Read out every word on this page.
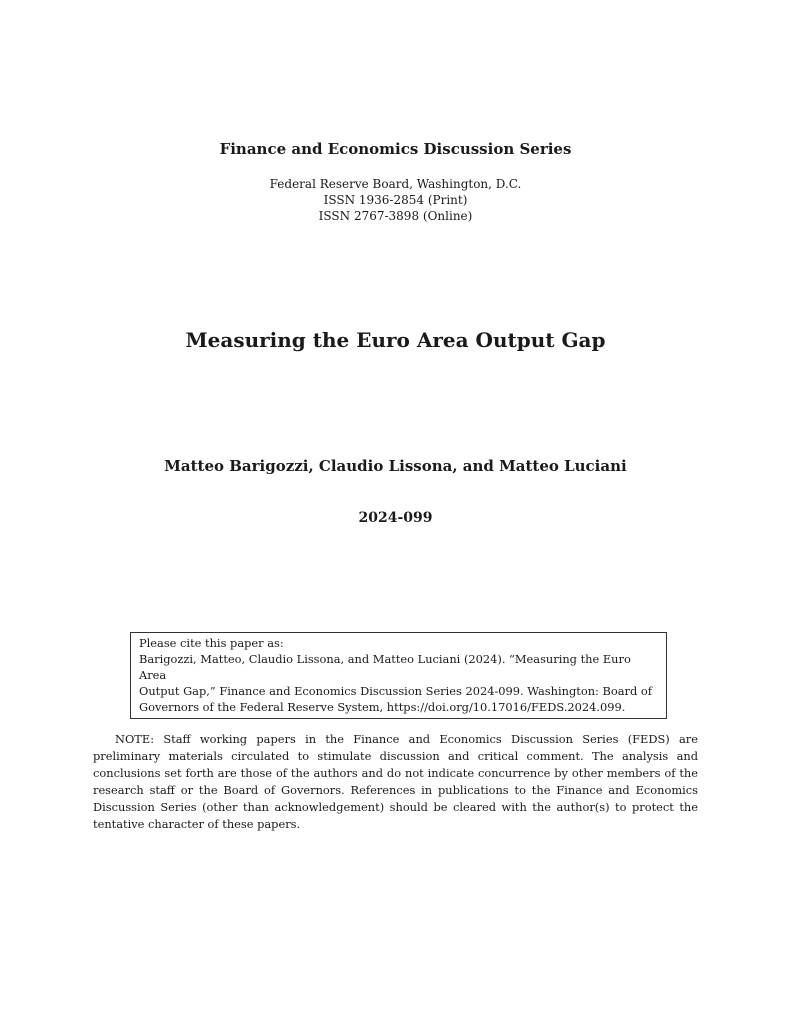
Finance and Economics Discussion Series
Federal Reserve Board, Washington, D.C.
ISSN 1936-2854 (Print)
ISSN 2767-3898 (Online)
Measuring the Euro Area Output Gap
Matteo Barigozzi, Claudio Lissona, and Matteo Luciani
2024-099
Please cite this paper as:
Barigozzi, Matteo, Claudio Lissona, and Matteo Luciani (2024). “Measuring the Euro Area
Output Gap,” Finance and Economics Discussion Series 2024-099. Washington: Board of
Governors of the Federal Reserve System, https://doi.org/10.17016/FEDS.2024.099.
NOTE: Staff working papers in the Finance and Economics Discussion Series (FEDS) are preliminary materials circulated to stimulate discussion and critical comment. The analysis and conclusions set forth are those of the authors and do not indicate concurrence by other members of the research staff or the Board of Governors. References in publications to the Finance and Economics Discussion Series (other than acknowledgement) should be cleared with the author(s) to protect the tentative character of these papers.
